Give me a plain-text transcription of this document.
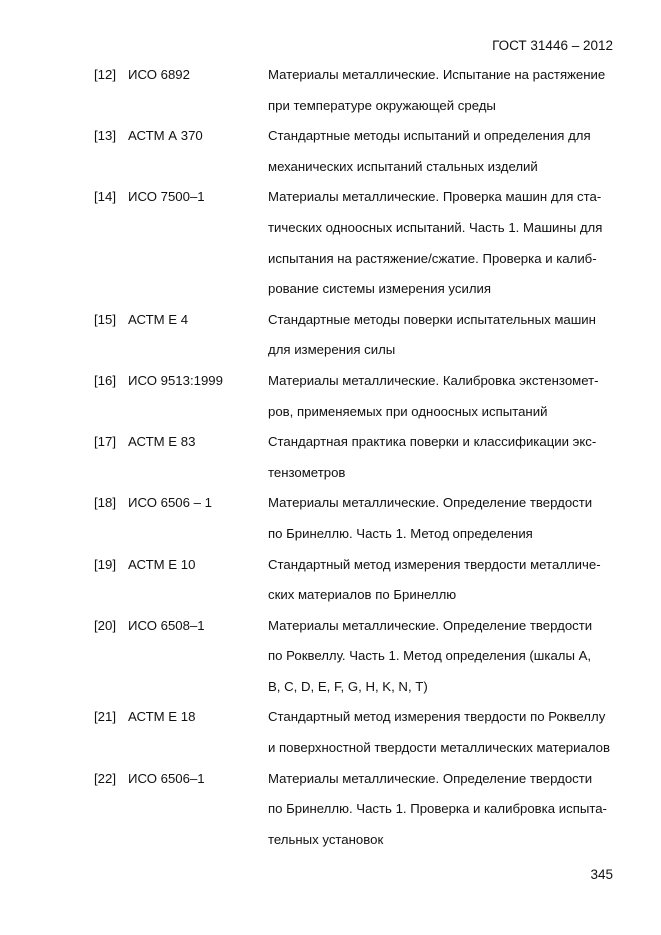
ГОСТ 31446 – 2012
[12] ИСО 6892	Материалы металлические. Испытание на растяжение
при температуре окружающей среды
[13] АСТМ А 370	Стандартные методы испытаний и определения для
механических испытаний стальных изделий
[14] ИСО 7500–1	Материалы металлические. Проверка машин для ста-
тических одноосных испытаний. Часть 1. Машины для
испытания на растяжение/сжатие. Проверка и калиб-
рование системы измерения усилия
[15] АСТМ Е 4	Стандартные методы поверки испытательных машин
для измерения силы
[16] ИСО 9513:1999	Материалы металлические. Калибровка экстензомет-
ров, применяемых при одноосных испытаний
[17] АСТМ Е 83	Стандартная практика поверки и классификации экс-
тензометров
[18] ИСО 6506 – 1	Материалы металлические. Определение твердости
по Бринеллю. Часть 1. Метод определения
[19] АСТМ Е 10	Стандартный метод измерения твердости металличе-
ских материалов по Бринеллю
[20] ИСО 6508–1	Материалы металлические. Определение твердости
по Роквеллу. Часть 1. Метод определения (шкалы А,
В, С, D, Е, F, G, Н, K, N, Т)
[21] АСТМ Е 18	Стандартный метод измерения твердости по Роквеллу
и поверхностной твердости металлических материалов
[22] ИСО 6506–1	Материалы металлические. Определение твердости
по Бринеллю. Часть 1. Проверка и калибровка испыта-
тельных установок
345
